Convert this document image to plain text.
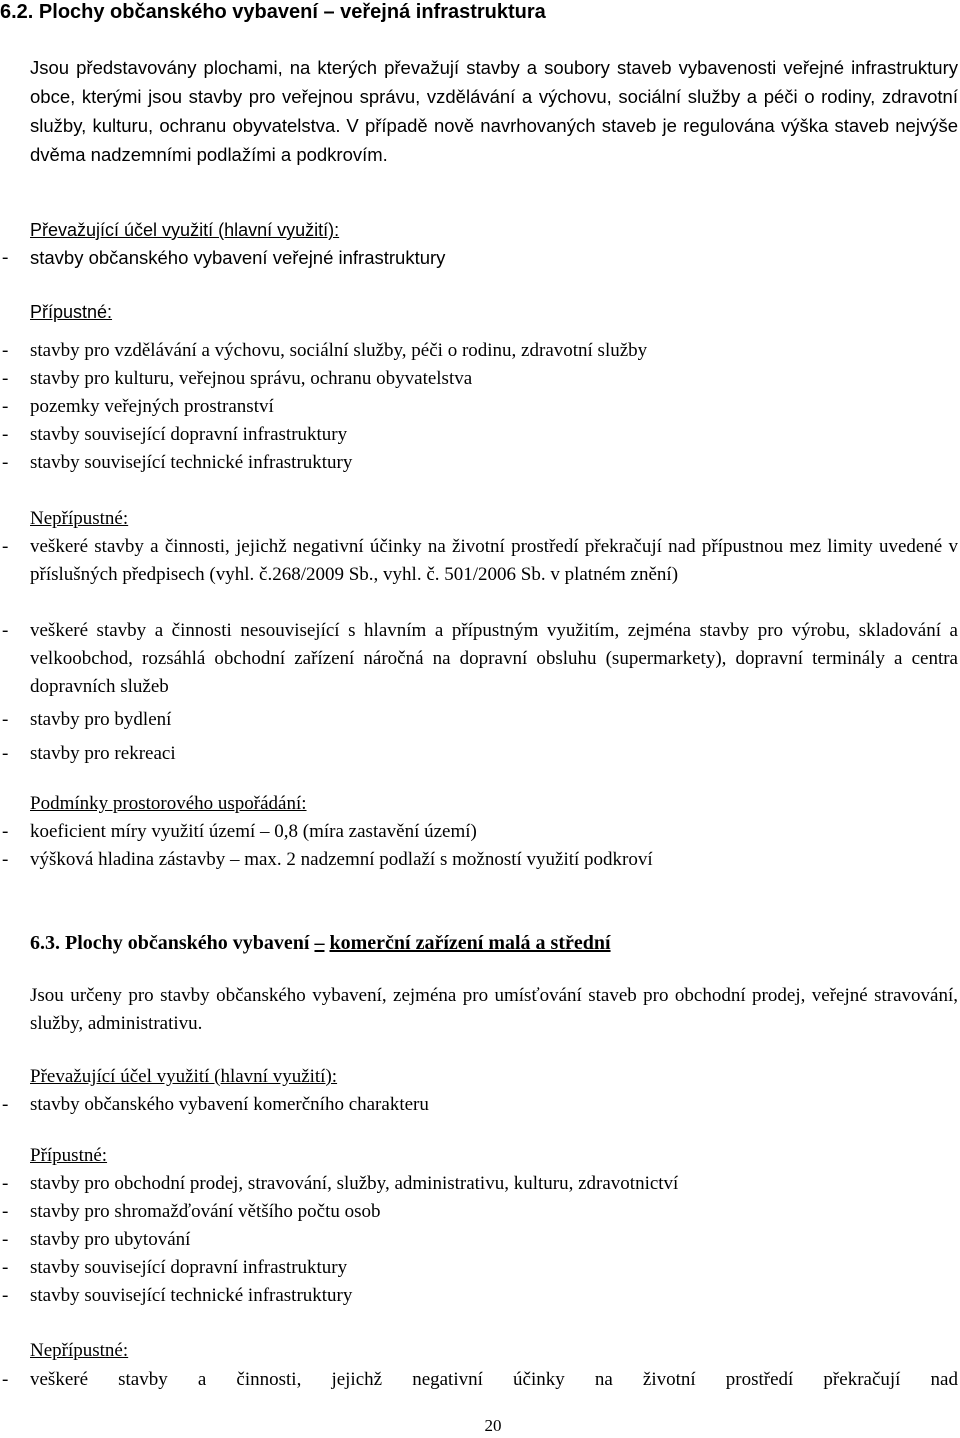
6.2. Plochy občanského vybavení – veřejná infrastruktura
Jsou představovány plochami, na kterých převažují stavby a soubory staveb vybavenosti veřejné infrastruktury obce, kterými jsou stavby pro veřejnou správu, vzdělávání a výchovu, sociální služby a péči o rodiny, zdravotní služby, kulturu, ochranu obyvatelstva. V případě nově navrhovaných staveb je regulována výška staveb nejvýše dvěma nadzemními podlažími a podkrovím.
Převažující účel využití (hlavní využití):
- stavby občanského vybavení veřejné infrastruktury
Přípustné:
- stavby pro vzdělávání a výchovu, sociální služby, péči o rodinu, zdravotní služby
- stavby pro kulturu, veřejnou správu, ochranu obyvatelstva
- pozemky veřejných prostranství
- stavby související dopravní infrastruktury
- stavby související technické infrastruktury
Nepřípustné:
- veškeré stavby a činnosti, jejichž negativní účinky na životní prostředí překračují nad přípustnou mez limity uvedené v příslušných předpisech (vyhl. č.268/2009 Sb., vyhl. č. 501/2006 Sb. v platném znění)
- veškeré stavby a činnosti nesouvisející s hlavním a přípustným využitím, zejména stavby pro výrobu, skladování a velkoobchod, rozsáhlá obchodní zařízení náročná na dopravní obsluhu (supermarkety), dopravní terminály a centra dopravních služeb
- stavby pro bydlení
- stavby pro rekreaci
Podmínky prostorového uspořádání:
- koeficient míry využití území – 0,8 (míra zastavění území)
- výšková hladina zástavby – max. 2 nadzemní podlaží s možností využití podkroví
6.3. Plochy občanského vybavení – komerční zařízení malá a střední
Jsou určeny pro stavby občanského vybavení, zejména pro umísťování staveb pro obchodní prodej, veřejné stravování, služby, administrativu.
Převažující účel využití (hlavní využití):
- stavby občanského vybavení komerčního charakteru
Přípustné:
- stavby pro obchodní prodej, stravování, služby, administrativu, kulturu, zdravotnictví
- stavby pro shromažďování většího počtu osob
- stavby pro ubytování
- stavby související dopravní infrastruktury
- stavby související technické infrastruktury
Nepřípustné:
- veškeré stavby a činnosti, jejichž negativní účinky na životní prostředí překračují nad
20
